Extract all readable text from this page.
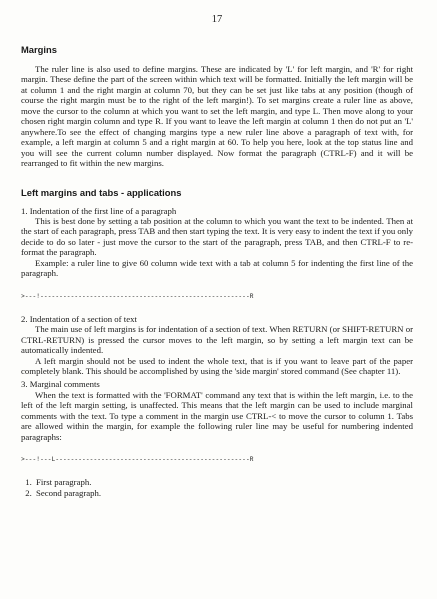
17
Margins

The ruler line is also used to define margins. These are indicated by 'L' for left margin, and 'R' for right margin. These define the part of the screen within which text will be formatted. Initially the left margin will be at column 1 and the right margin at column 70, but they can be set just like tabs at any position (though of course the right margin must be to the right of the left margin!). To set margins create a ruler line as above, move the cursor to the column at which you want to set the left margin, and type L. Then move along to your chosen right margin column and type R. If you want to leave the left margin at column 1 then do not put an 'L' anywhere.To see the effect of changing margins type a new ruler line above a paragraph of text with, for example, a left margin at column 5 and a right margin at 60. To help you here, look at the top status line and you will see the current column number displayed. Now format the paragraph (CTRL-F) and it will be rearranged to fit within the new margins.

Left margins and tabs - applications

1. Indentation of the first line of a paragraph

This is best done by setting a tab position at the column to which you want the text to be indented. Then at the start of each paragraph, press TAB and then start typing the text. It is very easy to indent the text if you only decide to do so later - just move the cursor to the start of the paragraph, press TAB, and then CTRL-F to re-format the paragraph.

Example: a ruler line to give 60 column wide text with a tab at column 5 for indenting the first line of the paragraph.

>---!-------------------------------------------------------R

2. Indentation of a section of text

The main use of left margins is for indentation of a section of text. When RETURN (or SHIFT-RETURN or CTRL-RETURN) is pressed the cursor moves to the left margin, so by setting a left margin text can be automatically indented.

A left margin should not be used to indent the whole text, that is if you want to leave part of the paper completely blank. This should be accomplished by using the 'side margin' stored command (See chapter 11).

3. Marginal comments

When the text is formatted with the 'FORMAT' command any text that is within the left margin, i.e. to the left of the left margin setting, is unaffected. This means that the left margin can be used to include marginal comments with the text. To type a comment in the margin use CTRL-< to move the cursor to column 1. Tabs are allowed within the margin, for example the following ruler line may be useful for numbering indented paragraphs:

>---!---L---------------------------------------------------R
1. First paragraph.
2. Second paragraph.
